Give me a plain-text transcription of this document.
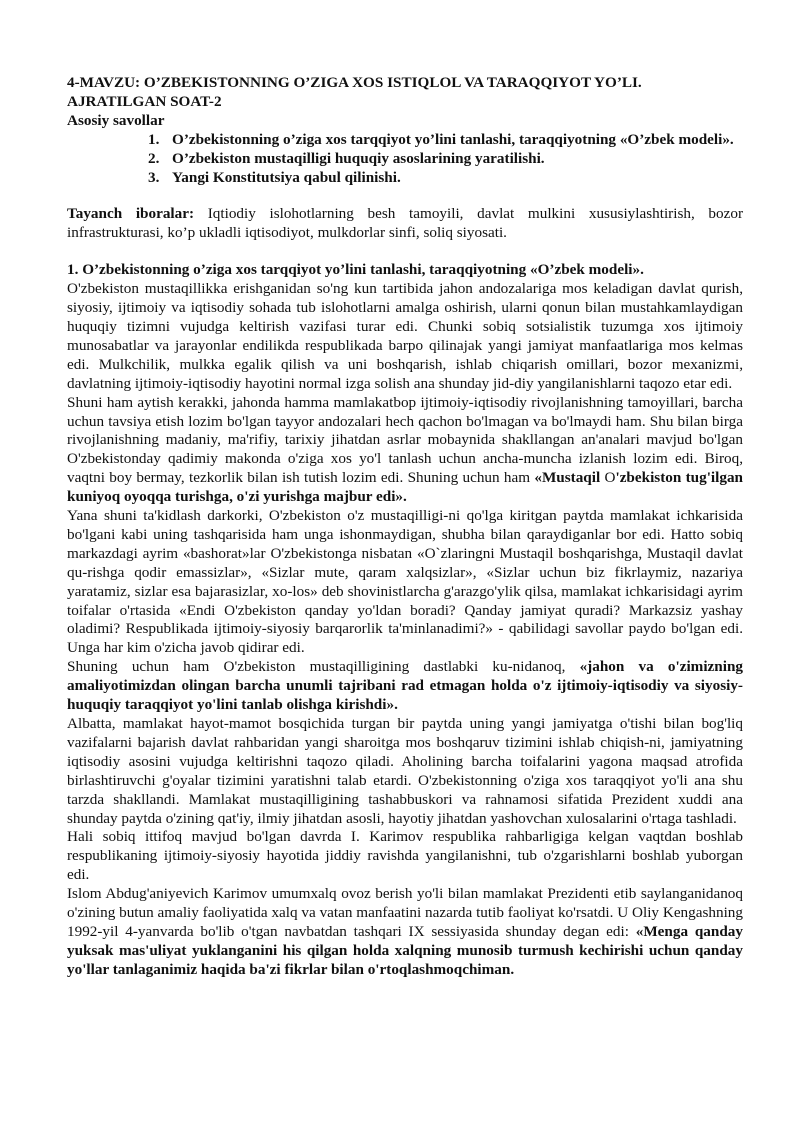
4-MAVZU: O’ZBEKISTONNING O’ZIGA XOS ISTIQLOL VA TARAQQIYOT YO’LI.
AJRATILGAN SOAT-2
Asosiy savollar
1. O’zbekistonning o’ziga xos tarqqiyot yo’lini tanlashi, taraqqiyotning «O’zbek modeli».
2. O’zbekiston mustaqilligi huquqiy asoslarining yaratilishi.
3. Yangi Konstitutsiya qabul qilinishi.

Tayanch iboralar: Iqtiodiy islohotlarning besh tamoyili, davlat mulkini xususiylashtirish, bozor infrastrukturasi, ko’p ukladli iqtisodiyot, mulkdorlar sinfi, soliq siyosati.

1. O’zbekistonning o’ziga xos tarqqiyot yo’lini tanlashi, taraqqiyotning «O’zbek modeli».

O'zbekiston mustaqillikka erishganidan so'ng kun tartibida jahon andozalariga mos keladigan davlat qurish, siyosiy, ijtimoiy va iqtisodiy sohada tub islohotlarni amalga oshirish, ularni qonun bilan mustahkamlaydigan huquqiy tizimni vujudga keltirish vazifasi turar edi. Chunki sobiq sotsialistik tuzumga xos ijtimoiy munosabatlar va jarayonlar endilikda respublikada barpo qilinajak yangi jamiyat manfaatlariga mos kelmas edi. Mulkchilik, mulkka egalik qilish va uni boshqarish, ishlab chiqarish omillari, bozor mexanizmi, davlatning ijtimoiy-iqtisodiy hayotini normal izga solish ana shunday jid-diy yangilanishlarni taqozo etar edi.

Shuni ham aytish kerakki, jahonda hamma mamlakatbop ijtimoiy-iqtisodiy rivojlanishning tamoyillari, barcha uchun tavsiya etish lozim bo'lgan tayyor andozalari hech qachon bo'lmagan va bo'lmaydi ham. Shu bilan birga rivojlanishning madaniy, ma'rifiy, tarixiy jihatdan asrlar mobaynida shakllangan an'analari mavjud bo'lgan O'zbekistonday qadimiy makonda o'ziga xos yo'l tanlash uchun ancha-muncha izlanish lozim edi. Biroq, vaqtni boy bermay, tezkorlik bilan ish tutish lozim edi. Shuning uchun ham «Mustaqil O'zbekiston tug'ilgan kuniyoq oyoqqa turishga, o'zi yurishga majbur edi».

Yana shuni ta'kidlash darkorki, O'zbekiston o'z mustaqilligi-ni qo'lga kiritgan paytda mamlakat ichkarisida bo'lgani kabi uning tashqarisida ham unga ishonmaydigan, shubha bilan qaraydiganlar bor edi. Hatto sobiq markazdagi ayrim «bashorat»lar O'zbekistonga nisbatan «O`zlaringni Mustaqil boshqarishga, Mustaqil davlat qu-rishga qodir emassizlar», «Sizlar mute, qaram xalqsizlar», «Sizlar uchun biz fikrlaymiz, nazariya yaratamiz, sizlar esa bajarasizlar, xo-los» deb shovinistlarcha g'arazgo'ylik qilsa, mamlakat ichkarisidagi ayrim toifalar o'rtasida «Endi O'zbekiston qanday yo'ldan boradi? Qanday jamiyat quradi? Markazsiz yashay oladimi? Respublikada ijtimoiy-siyosiy barqarorlik ta'minlanadimi?» - qabilidagi savollar paydo bo'lgan edi. Unga har kim o'zicha javob qidirar edi.

Shuning uchun ham O'zbekiston mustaqilligining dastlabki ku-nidanoq, «jahon va o'zimizning amaliyotimizdan olingan barcha unumli tajribani rad etmagan holda o'z ijtimoiy-iqtisodiy va siyosiy-huquqiy taraqqiyot yo'lini tanlab olishga kirishdi».

Albatta, mamlakat hayot-mamot bosqichida turgan bir paytda uning yangi jamiyatga o'tishi bilan bog'liq vazifalarni bajarish davlat rahbaridan yangi sharoitga mos boshqaruv tizimini ishlab chiqish-ni, jamiyatning iqtisodiy asosini vujudga keltirishni taqozo qiladi. Aholining barcha toifalarini yagona maqsad atrofida birlashtiruvchi g'oyalar tizimini yaratishni talab etardi. O'zbekistonning o'ziga xos taraqqiyot yo'li ana shu tarzda shakllandi. Mamlakat mustaqilligining tashabbuskori va rahnamosi sifatida Prezident xuddi ana shunday paytda o'zining qat'iy, ilmiy jihatdan asosli, hayotiy jihatdan yashovchan xulosalarini o'rtaga tashladi.

Hali sobiq ittifoq mavjud bo'lgan davrda I. Karimov respublika rahbarligiga kelgan vaqtdan boshlab respublikaning ijtimoiy-siyosiy hayotida jiddiy ravishda yangilanishni, tub o'zgarishlarni boshlab yuborgan edi.

Islom Abdug'aniyevich Karimov umumxalq ovoz berish yo'li bilan mamlakat Prezidenti etib saylanganidanoq o'zining butun amaliy faoliyatida xalq va vatan manfaatini nazarda tutib faoliyat ko'rsatdi. U Oliy Kengashning 1992-yil 4-yanvarda bo'lib o'tgan navbatdan tashqari IX sessiyasida shunday degan edi: «Menga qanday yuksak mas'uliyat yuklanganini his qilgan holda xalqning munosib turmush kechirishi uchun qanday yo'llar tanlaganimiz haqida ba'zi fikrlar bilan o'rtoqlashmoqchiman.
